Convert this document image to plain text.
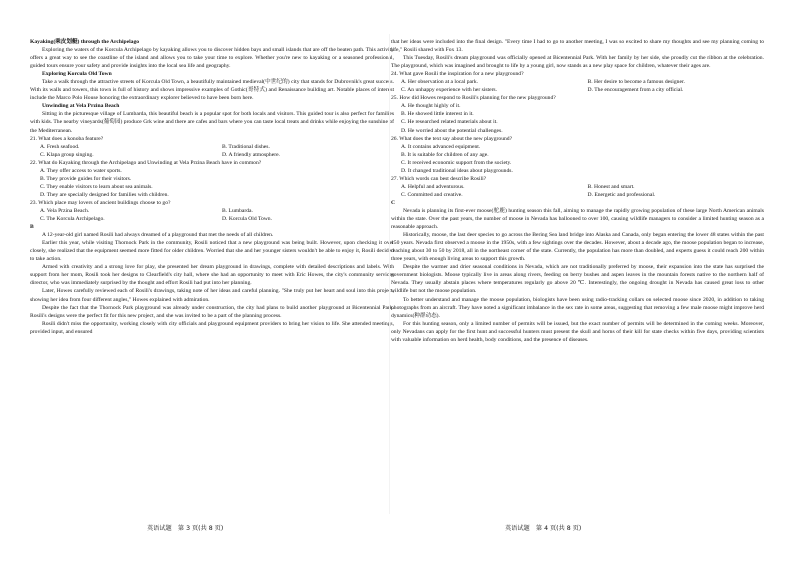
Kayaking(乘皮划艇) through the Archipelago

Exploring the waters of the Korcula Archipelago by kayaking allows you to discover hidden bays and small islands that are off the beaten path. This activity offers a great way to see the coastline of the island and allows you to take your time to explore. Whether you're new to kayaking or a seasoned professional, guided tours ensure your safety and provide insights into the local sea life and geography.

Exploring Korcula Old Town

Take a walk through the attractive streets of Korcula Old Town, a beautifully maintained medieval(中世纪的) city that stands for Dubrovnik's great success. With its walls and towers, this town is full of history and shows impressive examples of Gothic(哥特式) and Renaissance building art. Notable places of interest include the Marco Polo House honoring the extraordinary explorer believed to have been born here.

Unwinding at Vela Przina Beach

Sitting in the picturesque village of Lumbarda, this beautiful beach is a popular spot for both locals and visitors. This guided tour is also perfect for families with kids. The nearby vineyards(葡萄园) produce Grk wine and there are cafes and bars where you can taste local treats and drinks while enjoying the sunshine of the Mediterranean.

21. What does a konoba feature?

A. Fresh seafood.	B. Traditional dishes.
C. Klapa group singing.	D. A friendly atmosphere.

22. What do Kayaking through the Archipelago and Unwinding at Vela Przina Beach have in common?

A. They offer access to water sports.
B. They provide guides for their visitors.
C. They enable visitors to learn about sea animals.
D. They are specially designed for families with children.

23. Which place may lovers of ancient buildings choose to go?

A. Vela Przina Beach.	B. Lumbarda.
C. The Korcula Archipelago.	D. Korcula Old Town.

B

A 12-year-old girl named Rosili had always dreamed of a playground that met the needs of all children.

Earlier this year, while visiting Thornock Park in the community, Rosili noticed that a new playground was being built. However, upon checking it over closely, she realized that the equipment seemed more fitted for older children. Worried that she and her younger sisters wouldn't be able to enjoy it, Rosili decided to take action.

Armed with creativity and a strong love for play, she presented her dream playground in drawings, complete with detailed descriptions and labels. With support from her mom, Rosili took her designs to Clearfield's city hall, where she had an opportunity to meet with Eric Howes, the city's community services director, who was immediately surprised by the thought and effort Rosili had put into her planning.

Later, Howes carefully reviewed each of Rosili's drawings, taking note of her ideas and careful planning. "She truly put her heart and soul into this project, showing her idea from four different angles," Howes explained with admiration.

Despite the fact that the Thornock Park playground was already under construction, the city had plans to build another playground at Bicentennial Park. Rosili's designs were the perfect fit for this new project, and she was invited to be a part of the planning process.

Rosili didn't miss the opportunity, working closely with city officials and playground equipment providers to bring her vision to life. She attended meetings, provided input, and ensured

that her ideas were included into the final design. "Every time I had to go to another meeting, I was so excited to share my thoughts and see my planning coming to life," Rosili shared with Fox 13.

This Tuesday, Rosili's dream playground was officially opened at Bicentennial Park. With her family by her side, she proudly cut the ribbon at the celebration. The playground, which was imagined and brought to life by a young girl, now stands as a new play space for children, whatever their ages are.

24. What gave Rosili the inspiration for a new playground?

A. Her observation at a local park.	B. Her desire to become a famous designer.
C. An unhappy experience with her sisters.	D. The encouragement from a city official.

25. How did Howes respond to Rosili's planning for the new playground?

A. He thought highly of it.
B. He showed little interest in it.
C. He researched related materials about it.
D. He worried about the potential challenges.

26. What does the text say about the new playground?

A. It contains advanced equipment.
B. It is suitable for children of any age.
C. It received economic support from the society.
D. It changed traditional ideas about playgrounds.

27. Which words can best describe Rosili?

A. Helpful and adventurous.	B. Honest and smart.
C. Committed and creative.	D. Energetic and professional.

C

Nevada is planning its first-ever moose(驼鹿) hunting season this fall, aiming to manage the rapidly growing population of these large North American animals within the state. Over the past years, the number of moose in Nevada has ballooned to over 100, causing wildlife managers to consider a limited hunting season as a reasonable approach.

Historically, moose, the last deer species to go across the Bering Sea land bridge into Alaska and Canada, only began entering the lower 48 states within the past 150 years. Nevada first observed a moose in the 1950s, with a few sightings over the decades. However, about a decade ago, the moose population began to increase, reaching about 30 to 50 by 2018, all in the northeast corner of the state. Currently, the population has more than doubled, and experts guess it could reach 200 within three years, with enough living areas to support this growth.

Despite the warmer and drier seasonal conditions in Nevada, which are not traditionally preferred by moose, their expansion into the state has surprised the government biologists. Moose typically live in areas along rivers, feeding on berry bushes and aspen leaves in the mountain forests native to the northern half of Nevada. They usually abstain places where temperatures regularly go above 20 ℃. Interestingly, the ongoing drought in Nevada has caused great loss to other wildlife but not the moose population.

To better understand and manage the moose population, biologists have been using radio-tracking collars on selected moose since 2020, in addition to taking photographs from an aircraft. They have noted a significant imbalance in the sex rate in some areas, suggesting that removing a few male moose might improve herd dynamics(种群动态).

For this hunting season, only a limited number of permits will be issued, but the exact number of permits will be determined in the coming weeks. Moreover, only Nevadans can apply for the first hunt and successful hunters must present the skull and horns of their kill for state checks within five days, providing scientists with valuable information on herd health, body conditions, and the presence of diseases.

英语试题　第 3 页(共 8 页)	英语试题　第 4 页(共 8 页)
